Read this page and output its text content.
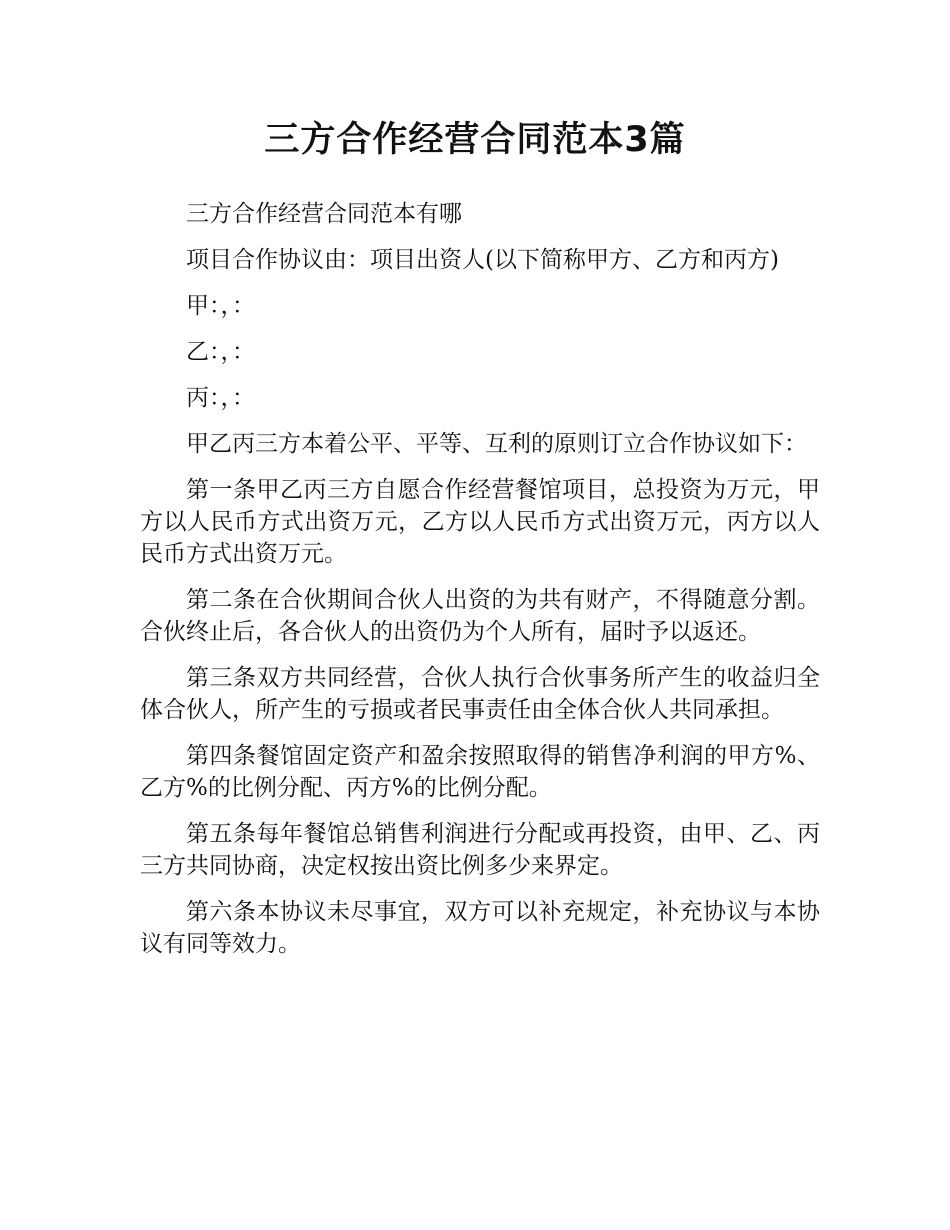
三方合作经营合同范本3篇

三方合作经营合同范本有哪

项目合作协议由：项目出资人(以下简称甲方、乙方和丙方)

甲：，：

乙：，：

丙：，：

甲乙丙三方本着公平、平等、互利的原则订立合作协议如下：

第一条甲乙丙三方自愿合作经营餐馆项目，总投资为万元，甲方以人民币方式出资万元，乙方以人民币方式出资万元，丙方以人民币方式出资万元。

第二条在合伙期间合伙人出资的为共有财产，不得随意分割。合伙终止后，各合伙人的出资仍为个人所有，届时予以返还。

第三条双方共同经营，合伙人执行合伙事务所产生的收益归全体合伙人，所产生的亏损或者民事责任由全体合伙人共同承担。

第四条餐馆固定资产和盈余按照取得的销售净利润的甲方%、乙方%的比例分配、丙方%的比例分配。

第五条每年餐馆总销售利润进行分配或再投资，由甲、乙、丙三方共同协商，决定权按出资比例多少来界定。

第六条本协议未尽事宜，双方可以补充规定，补充协议与本协议有同等效力。
